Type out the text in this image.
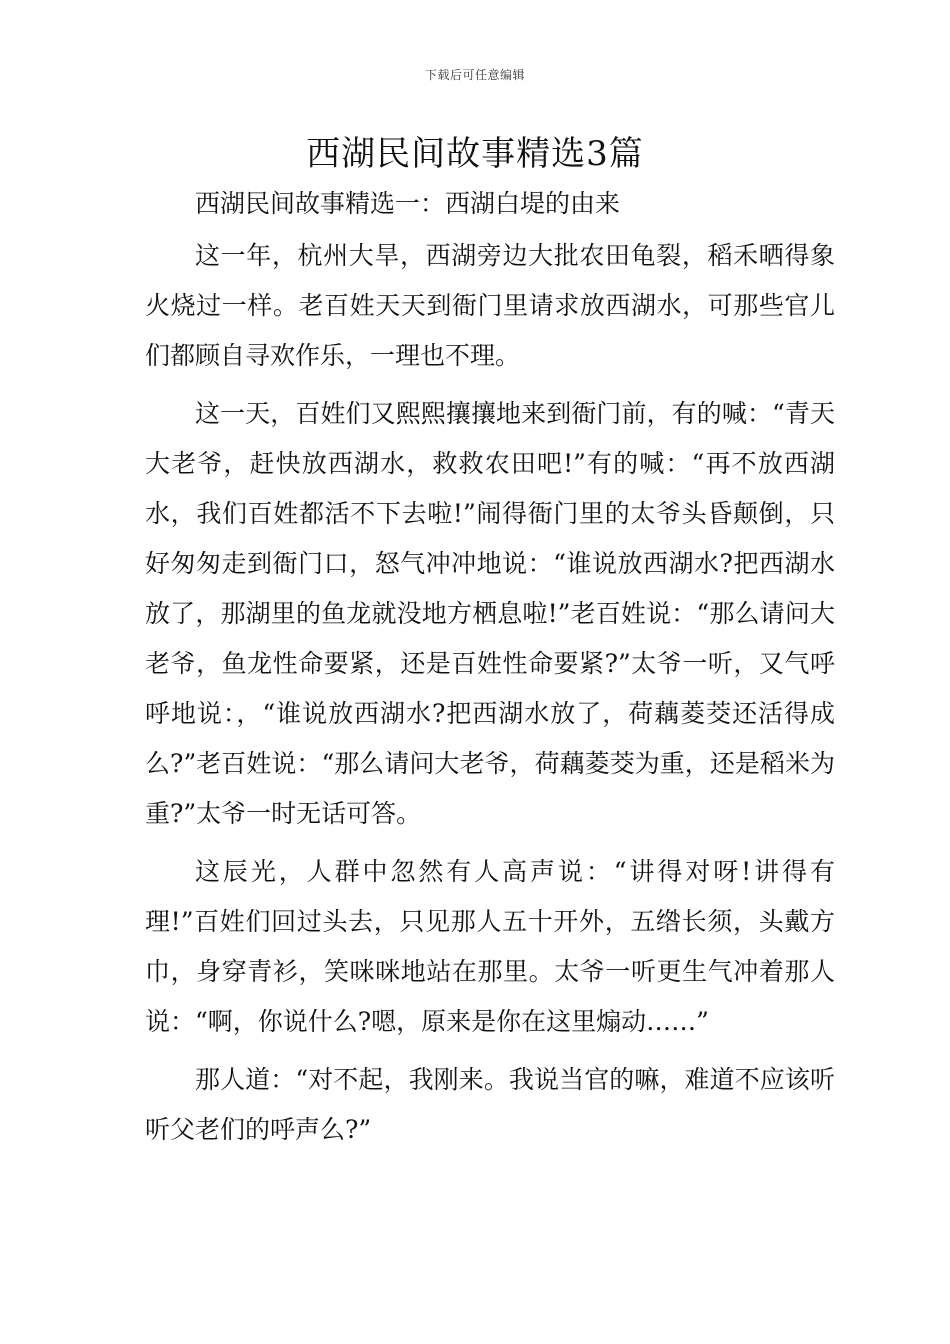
下载后可任意编辑
西湖民间故事精选3篇

西湖民间故事精选一：西湖白堤的由来

这一年，杭州大旱，西湖旁边大批农田龟裂，稻禾晒得象火烧过一样。老百姓天天到衙门里请求放西湖水，可那些官儿们都顾自寻欢作乐，一理也不理。

这一天，百姓们又熙熙攘攘地来到衙门前，有的喊：“青天大老爷，赶快放西湖水，救救农田吧!”有的喊：“再不放西湖水，我们百姓都活不下去啦!”闹得衙门里的太爷头昏颠倒，只好匆匆走到衙门口，怒气冲冲地说：“谁说放西湖水?把西湖水放了，那湖里的鱼龙就没地方栖息啦!”老百姓说：“那么请问大老爷，鱼龙性命要紧，还是百姓性命要紧?”太爷一听，又气呼呼地说：，“谁说放西湖水?把西湖水放了，荷藕菱茭还活得成么?”老百姓说：“那么请问大老爷，荷藕菱茭为重，还是稻米为重?”太爷一时无话可答。

这辰光，人群中忽然有人高声说：“讲得对呀!讲得有理!”百姓们回过头去，只见那人五十开外，五绺长须，头戴方巾，身穿青衫，笑咪咪地站在那里。太爷一听更生气冲着那人说：“啊，你说什么?嗯，原来是你在这里煽动……”

那人道：“对不起，我刚来。我说当官的嘛，难道不应该听听父老们的呼声么?”
